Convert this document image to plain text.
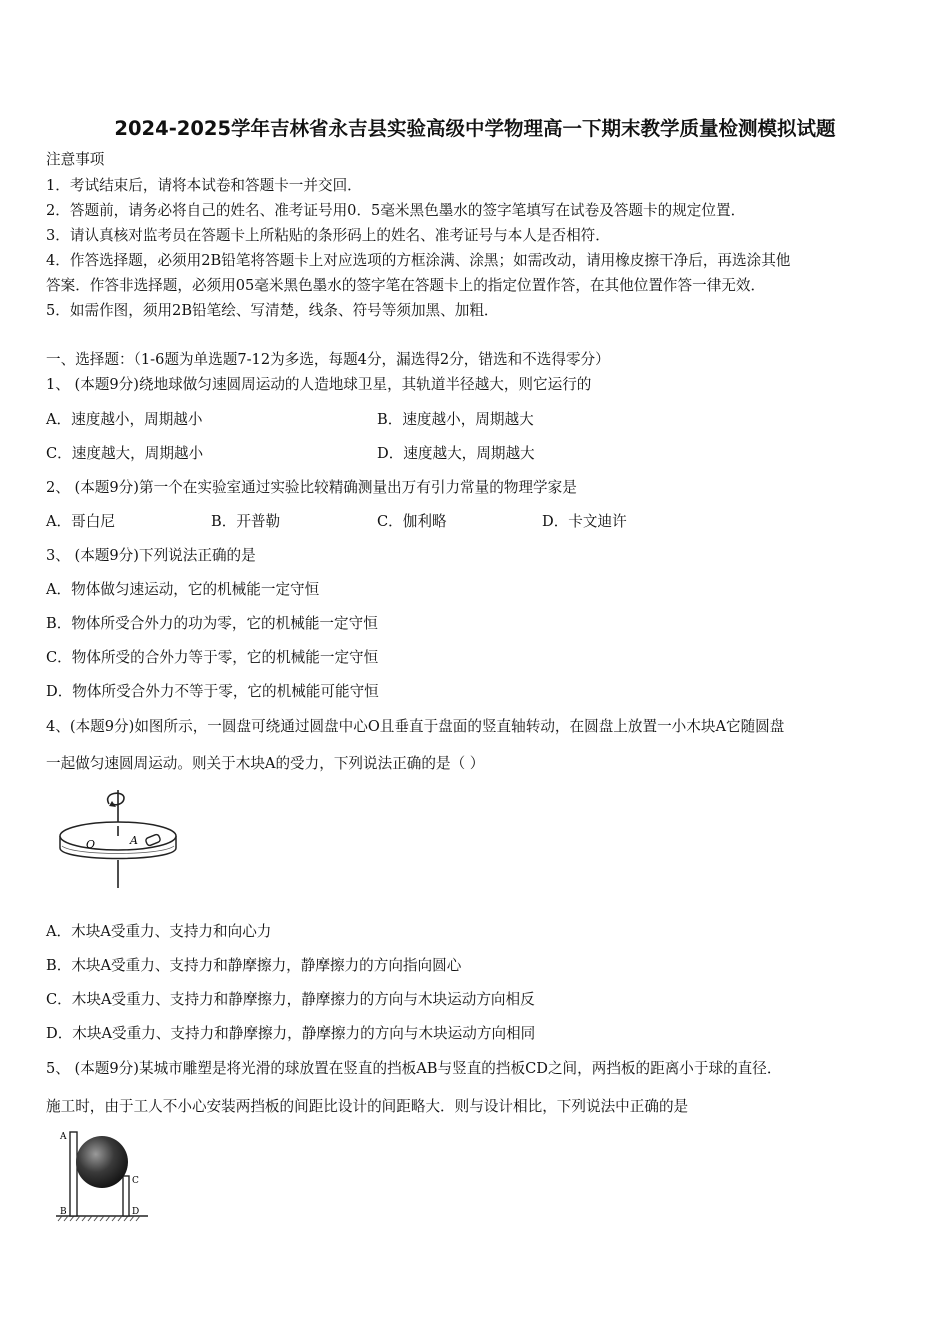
2024-2025学年吉林省永吉县实验高级中学物理高一下期末教学质量检测模拟试题
注意事项
1．考试结束后，请将本试卷和答题卡一并交回．
2．答题前，请务必将自己的姓名、准考证号用0．5毫米黑色墨水的签字笔填写在试卷及答题卡的规定位置．
3．请认真核对监考员在答题卡上所粘贴的条形码上的姓名、准考证号与本人是否相符．
4．作答选择题，必须用2B铅笔将答题卡上对应选项的方框涂满、涂黑；如需改动，请用橡皮擦干净后，再选涂其他
答案．作答非选择题，必须用05毫米黑色墨水的签字笔在答题卡上的指定位置作答，在其他位置作答一律无效．
5．如需作图，须用2B铅笔绘、写清楚，线条、符号等须加黑、加粗．
一、选择题：（1-6题为单选题7-12为多选，每题4分，漏选得2分，错选和不选得零分）
1、 (本题9分)绕地球做匀速圆周运动的人造地球卫星，其轨道半径越大，则它运行的
A．速度越小，周期越小	B．速度越小，周期越大
C．速度越大，周期越小	D．速度越大，周期越大
2、 (本题9分)第一个在实验室通过实验比较精确测量出万有引力常量的物理学家是
A．哥白尼	B．开普勒	C．伽利略	D．卡文迪许
3、 (本题9分)下列说法正确的是
A．物体做匀速运动，它的机械能一定守恒
B．物体所受合外力的功为零，它的机械能一定守恒
C．物体所受的合外力等于零，它的机械能一定守恒
D．物体所受合外力不等于零，它的机械能可能守恒
4、(本题9分)如图所示，一圆盘可绕通过圆盘中心O且垂直于盘面的竖直轴转动，在圆盘上放置一小木块A它随圆盘
一起做匀速圆周运动。则关于木块A的受力，下列说法正确的是（ ）
O	A
A．木块A受重力、支持力和向心力
B．木块A受重力、支持力和静摩擦力，静摩擦力的方向指向圆心
C．木块A受重力、支持力和静摩擦力，静摩擦力的方向与木块运动方向相反
D．木块A受重力、支持力和静摩擦力，静摩擦力的方向与木块运动方向相同
5、 (本题9分)某城市雕塑是将光滑的球放置在竖直的挡板AB与竖直的挡板CD之间，两挡板的距离小于球的直径．
施工时，由于工人不小心安装两挡板的间距比设计的间距略大．则与设计相比，下列说法中正确的是
A
B
C
D
